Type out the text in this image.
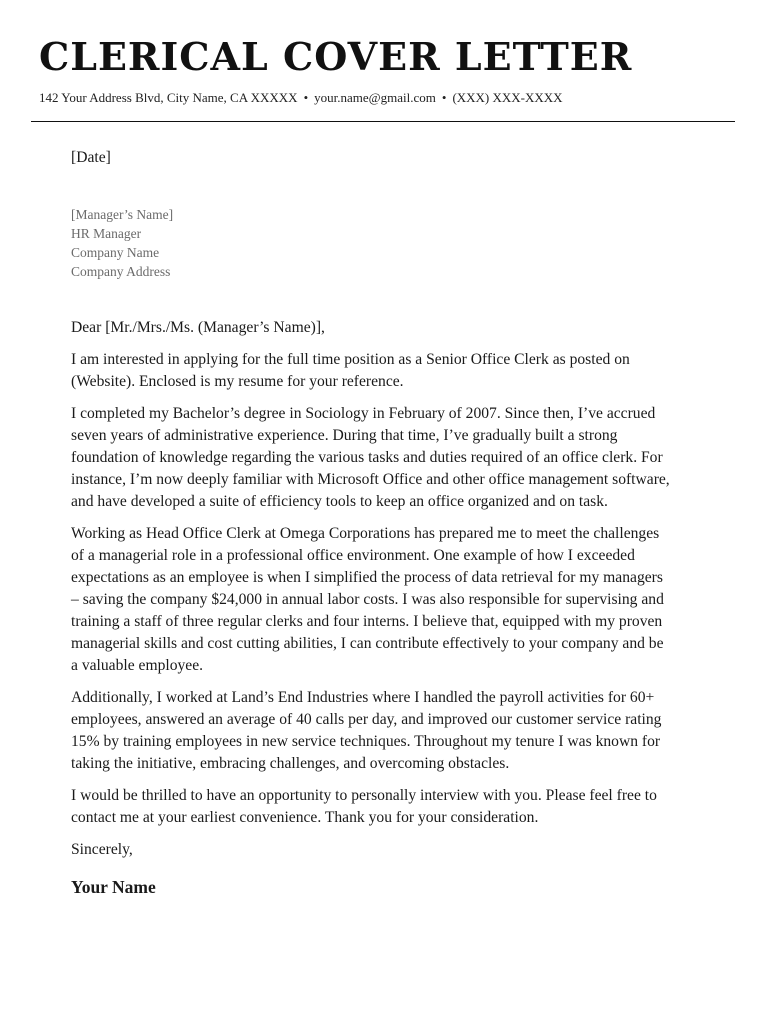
CLERICAL COVER LETTER
142 Your Address Blvd, City Name, CA XXXXX • your.name@gmail.com • (XXX) XXX-XXXX
[Date]
[Manager’s Name]
HR Manager
Company Name
Company Address
Dear [Mr./Mrs./Ms. (Manager’s Name)],

I am interested in applying for the full time position as a Senior Office Clerk as posted on (Website). Enclosed is my resume for your reference.

I completed my Bachelor’s degree in Sociology in February of 2007. Since then, I’ve accrued seven years of administrative experience. During that time, I’ve gradually built a strong foundation of knowledge regarding the various tasks and duties required of an office clerk. For instance, I’m now deeply familiar with Microsoft Office and other office management software, and have developed a suite of efficiency tools to keep an office organized and on task.

Working as Head Office Clerk at Omega Corporations has prepared me to meet the challenges of a managerial role in a professional office environment. One example of how I exceeded expectations as an employee is when I simplified the process of data retrieval for my managers – saving the company $24,000 in annual labor costs. I was also responsible for supervising and training a staff of three regular clerks and four interns. I believe that, equipped with my proven managerial skills and cost cutting abilities, I can contribute effectively to your company and be a valuable employee.

Additionally, I worked at Land’s End Industries where I handled the payroll activities for 60+ employees, answered an average of 40 calls per day, and improved our customer service rating 15% by training employees in new service techniques. Throughout my tenure I was known for taking the initiative, embracing challenges, and overcoming obstacles.

I would be thrilled to have an opportunity to personally interview with you. Please feel free to contact me at your earliest convenience. Thank you for your consideration.

Sincerely,
Your Name
